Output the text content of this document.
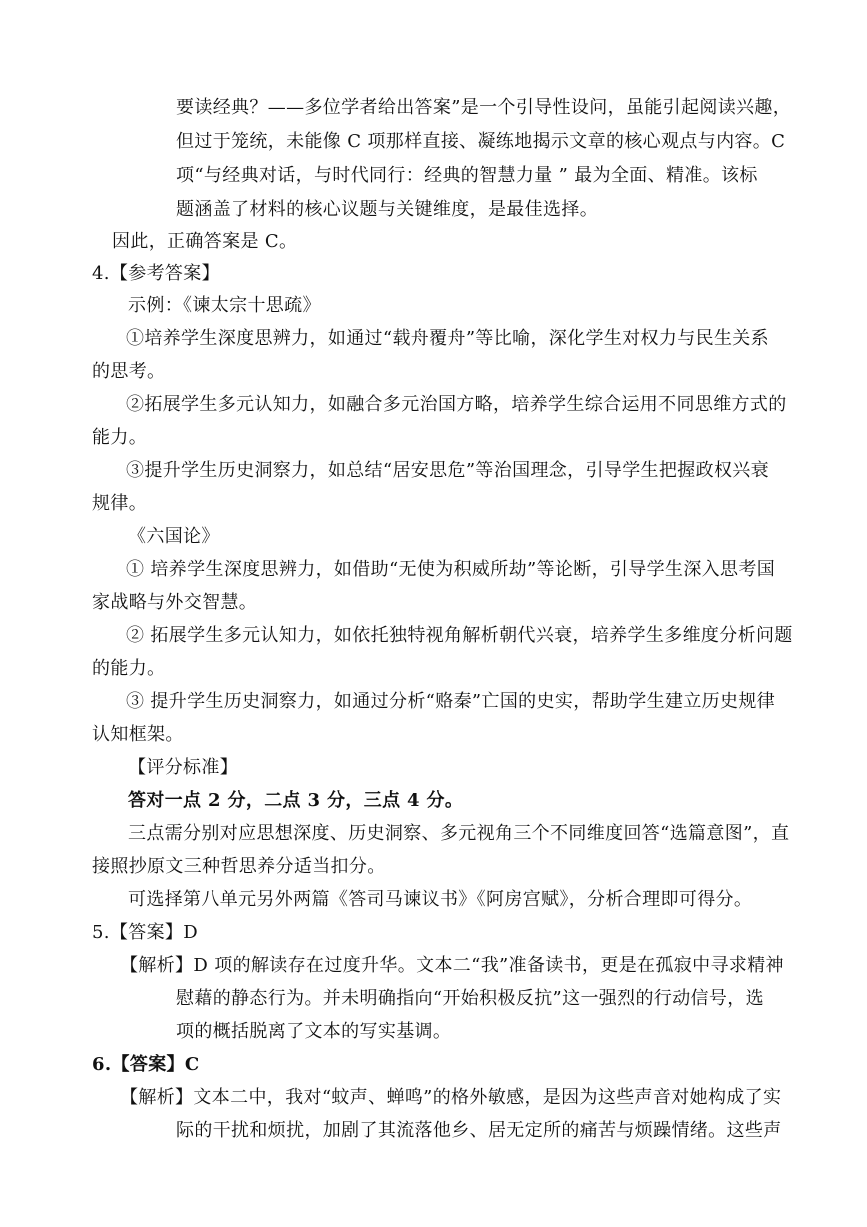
要读经典？——多位学者给出答案”是一个引导性设问，虽能引起阅读兴趣，
但过于笼统，未能像 C 项那样直接、凝练地揭示文章的核心观点与内容。C
项“与经典对话，与时代同行：经典的智慧力量 ” 最为全面、精准。该标
题涵盖了材料的核心议题与关键维度，是最佳选择。
因此，正确答案是 C。
4.【参考答案】
示例：《谏太宗十思疏》
①培养学生深度思辨力，如通过“载舟覆舟”等比喻，深化学生对权力与民生关系
的思考。
②拓展学生多元认知力，如融合多元治国方略，培养学生综合运用不同思维方式的
能力。
③提升学生历史洞察力，如总结“居安思危”等治国理念，引导学生把握政权兴衰
规律。
《六国论》
① 培养学生深度思辨力，如借助“无使为积威所劫”等论断，引导学生深入思考国
家战略与外交智慧。
② 拓展学生多元认知力，如依托独特视角解析朝代兴衰，培养学生多维度分析问题
的能力。
③ 提升学生历史洞察力，如通过分析“赂秦”亡国的史实，帮助学生建立历史规律
认知框架。
【评分标准】
答对一点 2 分，二点 3 分，三点 4 分。
三点需分别对应思想深度、历史洞察、多元视角三个不同维度回答“选篇意图”，直
接照抄原文三种哲思养分适当扣分。
可选择第八单元另外两篇《答司马谏议书》《阿房宫赋》，分析合理即可得分。
5.【答案】D
【解析】D 项的解读存在过度升华。文本二“我”准备读书，更是在孤寂中寻求精神
慰藉的静态行为。并未明确指向“开始积极反抗”这一强烈的行动信号，选
项的概括脱离了文本的写实基调。
6.【答案】C
【解析】文本二中，我对“蚊声、蝉鸣”的格外敏感，是因为这些声音对她构成了实
际的干扰和烦扰，加剧了其流落他乡、居无定所的痛苦与烦躁情绪。这些声
